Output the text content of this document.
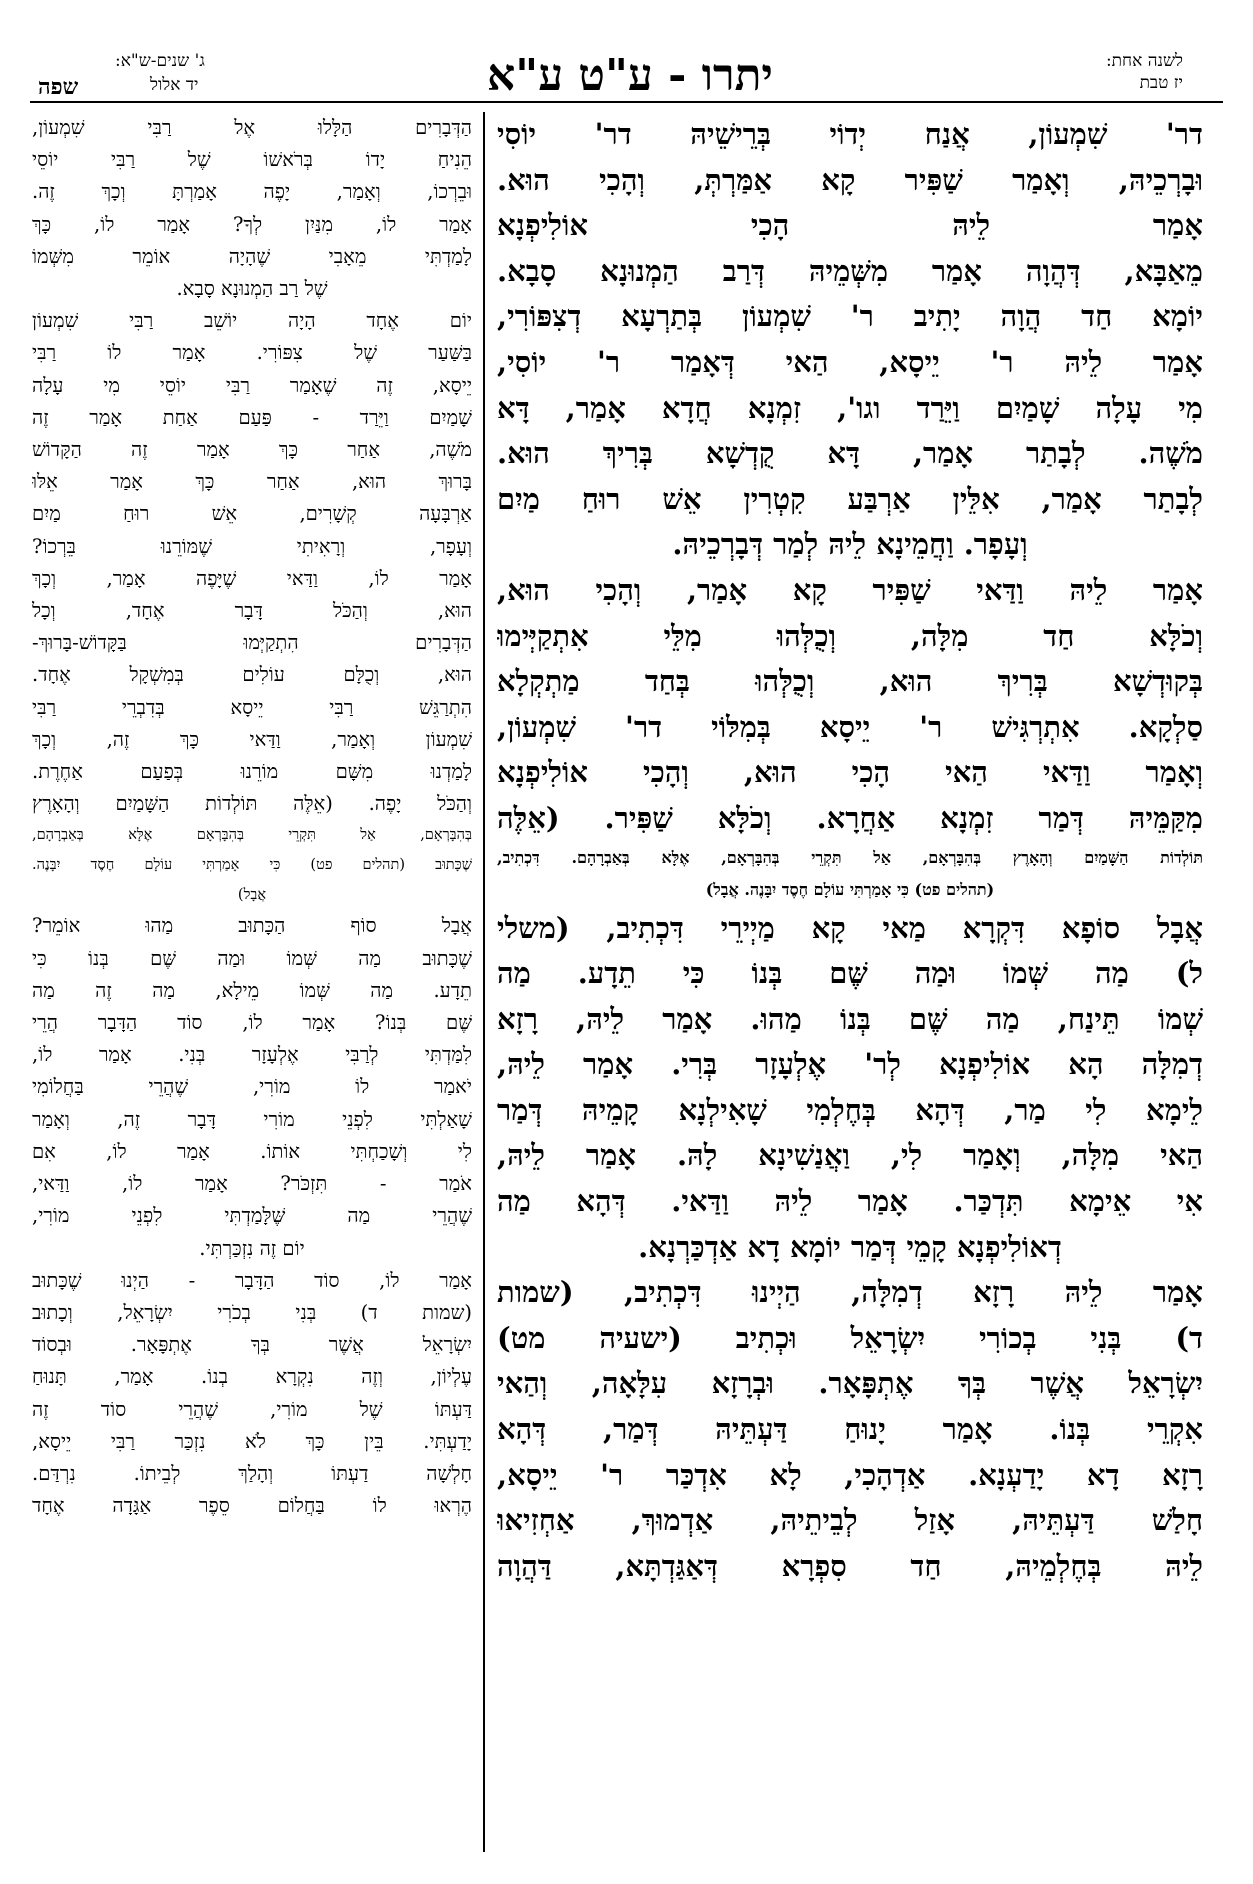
לשנה אחת:
יז טבת
יתרו - ע"ט ע"א
ג' שנים-ש"א:
יד אלול
שפה
דר' שִׁמְעוֹן, אֲנַח יְדוֹי בְּרֵישֵׁיהּ דר' יוֹסִי
וּבָרְכֵיהּ, וְאָמַר שַׁפִּיר קָא אַמַּרְתְּ, וְהָכִי הוּא.
אָמַר לֵיהּ הָכִי אוֹלִיפְנָא
מֵאַבָּא, דְּהֲוָה אָמַר מִשְּׁמֵיהּ דְּרַב הַמְנוּנָא סָבָא.
יוֹמָא חַד הֲוָה יָתִיב ר' שִׁמְעוֹן בְּתַרְעָא דְצִפּוֹרִי,
אָמַר לֵיהּ ר' יֵיסָא, הַאי דְּאָמַר ר' יוֹסִי,
מִי עָלָה שָׁמַיִם וַיֵּרַד וגו', זִמְנָא חֲדָא אָמַר, דָּא
מֹשֶׁה. לְבָתַר אָמַר, דָּא קֻדְשָׁא בְּרִיךְ הוּא.
לְבָתַר אָמַר, אִלֵּין אַרְבַּע קִטְרִין אֵשׁ רוּחַ מַיִם
וְעָפָר. וַחֲמֵינָא לֵיהּ לְמַר דְּבָרְכֵיהּ.
אָמַר לֵיהּ וַדַּאי שַׁפִּיר קָא אָמַר, וְהָכִי הוּא,
וְכֹלָּא חַד מִלָּה, וְכֻלְּהוּ מִלֵּי אִתְקַיְּימוּ
בְּקוּדְשָׁא בְּרִיךְ הוּא, וְכֻלְּהוּ בְּחַד מַתְקְלָא
סַלְקָא. אִתְרְגִּישׁ ר' יֵיסָא בְּמִלּוֹי דר' שִׁמְעוֹן,
וְאָמַר וַדַּאי הַאי הָכִי הוּא, וְהָכִי אוֹלִיפְנָא
מִקַּמֵּיהּ דְּמַר זִמְנָא אַחֲרָא. וְכֹלָּא שַׁפִּיר. (אֵלֶּה
תּוֹלְדוֹת הַשָּׁמַיִם וְהָאָרֶץ בְּהִבָּרְאָם, אַל תִּקְרֵי בְּהִבָּרְאָם, אֶלָּא בְּאַבְרָהָם. דִּכְתִיב,
(תהלים פט) כִּי אָמַרְתִּי עוֹלָם חֶסֶד יִבָּנֶה. אֲבָל)
אֲבָל סוֹפָא דִּקְרָא מַאי קָא מַיְירֵי דִּכְתִיב, (משלי
ל) מַה שְּׁמוֹ וּמַה שֶּׁם בְּנוֹ כִּי תֵדָע. מַה
שְׁמוֹ תֵּינַח, מַה שֶּׁם בְּנוֹ מַהוּ. אָמַר לֵיהּ, רָזָא
דְמִלָּה הָא אוֹלִיפְנָא לְר' אֶלְעָזָר בְּרִי. אָמַר לֵיהּ,
לֵימָא לִי מַר, דְּהָא בְּחֶלְמִי שָׁאִילְנָא קָמֵיהּ דְּמַר
הַאי מִלָּה, וְאָמַר לִי, וַאֲנַשִׁינָא לָהּ. אָמַר לֵיהּ,
אִי אֵימָא תִּדְכַּר. אָמַר לֵיהּ וַדַּאי. דְּהָא מַה
דְאוֹלִיפְנָא קָמֵי דְּמַר יוֹמָא דָא אַדְכַּרְנָא.
אָמַר לֵיהּ רָזָא דְמִלָּה, הַיְינוּ דִּכְתִיב, (שמות
ד) בְּנִי בְכוֹרִי יִשְׂרָאֵל וּכְתִיב (ישעיה מט)
יִשְׂרָאֵל אֲשֶׁר בְּךָ אֶתְפָּאָר. וּבְרָזָא עִלָּאָה, וְהַאי
אִקְרֵי בְּנוֹ. אָמַר יָנוּחַ דַּעְתֵּיהּ דְּמַר, דְּהָא
רָזָא דָא יָדַעְנָא. אַדְהָכִי, לָא אִדְכַּר ר' יֵיסָא,
חָלַשׁ דַּעְתֵּיהּ, אָזַל לְבֵיתֵיהּ, אַדְמוּךְ, אַחְזִיאוּ
לֵיהּ בְּחֶלְמֵיהּ, חַד סִפְרָא דְּאַגַּדְתָּא, דַּהֲוָה
הַדְּבָרִים הַלָּלוּ אֶל רַבִּי שִׁמְעוֹן,
הֵנִיחַ יָדוֹ בְּרֹאשׁוֹ שֶׁל רַבִּי יוֹסֵי
וּבֵרְכוֹ, וְאָמַר, יָפֶה אָמַרְתָּ וְכָךְ זֶה.
אָמַר לוֹ, מִנַּיִן לְךָ? אָמַר לוֹ, כָּךְ
לָמַדְתִּי מֵאָבִי שֶׁהָיָה אוֹמֵר מִשְּׁמוֹ
שֶׁל רַב הַמְנוּנָא סָבָא.
יוֹם אֶחָד הָיָה יוֹשֵׁב רַבִּי שִׁמְעוֹן
בַּשַּׁעַר שֶׁל צִפּוֹרִי. אָמַר לוֹ רַבִּי
יֵיסָא, זֶה שֶׁאָמַר רַבִּי יוֹסֵי מִי עָלָה
שָׁמַיִם וַיֵּרַד - פַּעַם אַחַת אָמַר זֶה
מֹשֶׁה, אַחַר כָּךְ אָמַר זֶה הַקָּדוֹשׁ
בָּרוּךְ הוּא, אַחַר כָּךְ אָמַר אֵלּוּ
אַרְבָּעָה קְשָׁרִים, אֵשׁ רוּחַ מַיִם
וְעָפָר, וְרָאִיתִי שֶׁמּוֹרֵנוּ בֵּרְכוֹ?
אָמַר לוֹ, וַדַּאי שֶׁיָּפֶה אָמַר, וְכָךְ
הוּא, וְהַכֹּל דָּבָר אֶחָד, וְכָל
הַדְּבָרִים הִתְקַיְּמוּ בַּקָּדוֹשׁ-בָּרוּךְ-
הוּא, וְכֻלָּם עוֹלִים בְּמִשְׁקָל אֶחָד.
הִתְרַגֵּשׁ רַבִּי יֵיסָא בְּדִבְרֵי רַבִּי
שִׁמְעוֹן וְאָמַר, וַדַּאי כָּךְ זֶה, וְכָךְ
לָמַדְנוּ מִשָּׁם מוֹרֵנוּ בְּפַעַם אַחֶרֶת.
וְהַכֹּל יָפֶה. (אֵלֶּה תּוֹלְדוֹת הַשָּׁמַיִם וְהָאָרֶץ
בְּהִבָּרְאָם, אַל תִּקְרֵי בְּהִבָּרְאָם אֶלָּא בְּאַבְרָהָם,
שֶׁכָּתוּב (תהלים פט) כִּי אָמַרְתִּי עוֹלָם חֶסֶד יִבָּנֶה.
אֲבָל)
אֲבָל סוֹף הַכָּתוּב מַהוּ אוֹמֵר?
שֶׁכָּתוּב מַה שְּׁמוֹ וּמַה שֶּׁם בְּנוֹ כִּי
תֵדָע. מַה שְּׁמוֹ מֵילָא, מַה זֶה מַה
שֶּׁם בְּנוֹ? אָמַר לוֹ, סוֹד הַדָּבָר הֲרֵי
לִמַּדְתִּי לְרַבִּי אֶלְעָזָר בְּנִי. אָמַר לוֹ,
יֹאמַר לוֹ מוֹרִי, שֶׁהֲרֵי בַּחֲלוֹמִי
שָׁאַלְתִּי לִפְנֵי מוֹרִי דָּבָר זֶה, וְאָמַר
לִי וְשָׁכַחְתִּי אוֹתוֹ. אָמַר לוֹ, אִם
אֹמַר - תִּזְכֹּר? אָמַר לוֹ, וַדַּאי,
שֶׁהֲרֵי מַה שֶּׁלָּמַדְתִּי לִפְנֵי מוֹרִי,
יוֹם זֶה נִזְכַּרְתִּי.
אָמַר לוֹ, סוֹד הַדָּבָר - הַיְנוּ שֶׁכָּתוּב
(שמות ד) בְּנִי בְכֹרִי יִשְׂרָאֵל, וְכָתוּב
יִשְׂרָאֵל אֲשֶׁר בְּךָ אֶתְפָּאָר. וּבְסוֹד
עֶלְיוֹן, וְזֶה נִקְרָא בְנוֹ. אָמַר, תָּנוּחַ
דַּעְתּוֹ שֶׁל מוֹרִי, שֶׁהֲרֵי סוֹד זֶה
יָדַעְתִּי. בֵּין כָּךְ לֹא נִזְכַּר רַבִּי יֵיסָא,
חָלְשָׁה דַעְתּוֹ וְהָלַךְ לְבֵיתוֹ. נִרְדַּם.
הֶרְאוּ לוֹ בַּחֲלוֹם סֵפֶר אַגָּדָה אֶחָד
